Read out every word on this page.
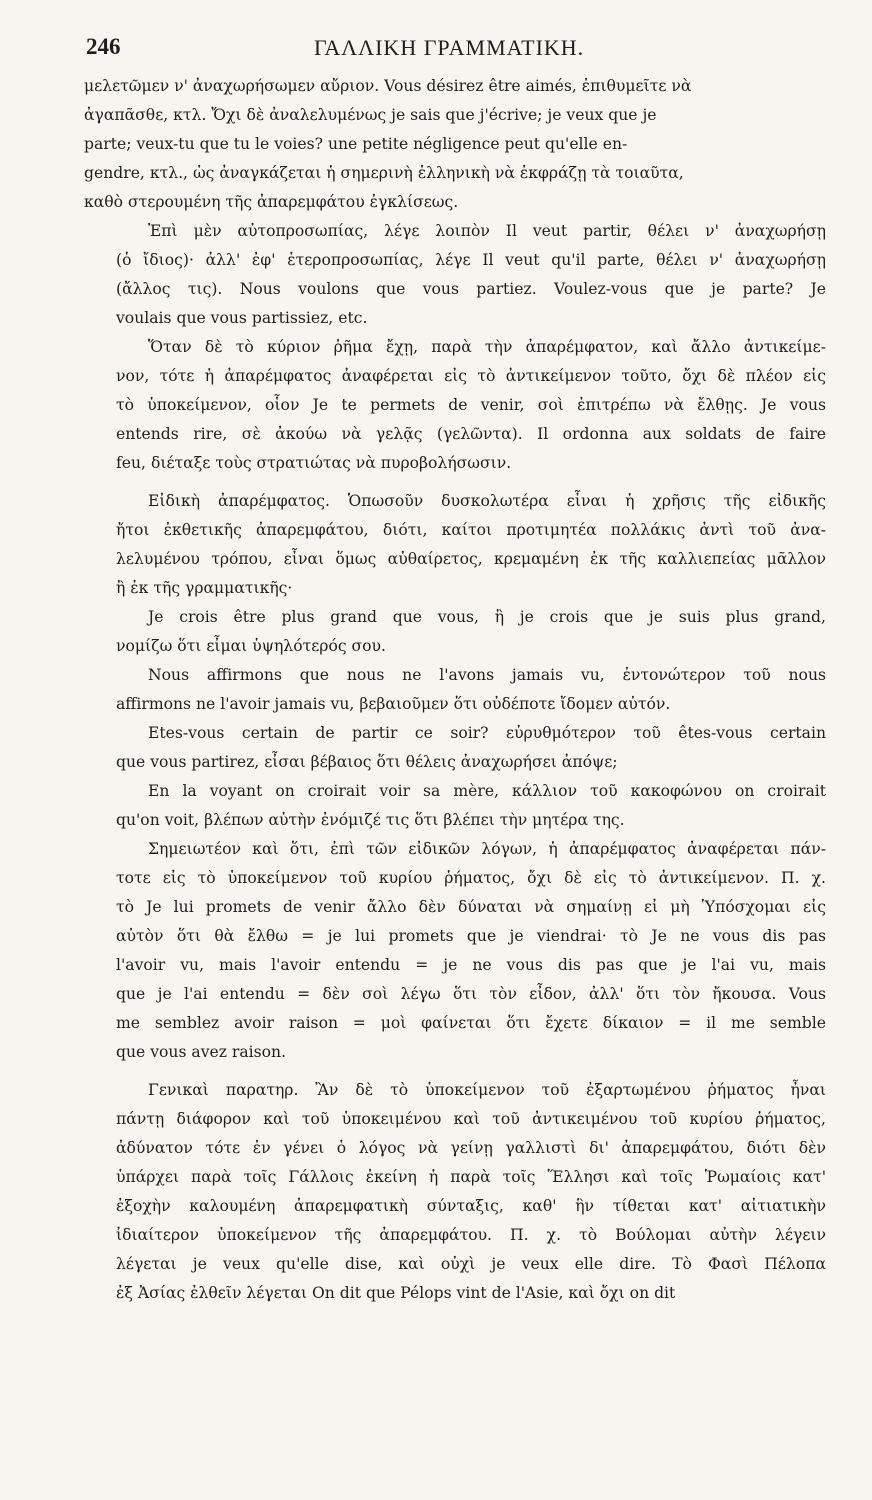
246	ΓΑΛΛΙΚΗ ΓΡΑΜΜΑΤΙΚΗ.

μελετῶμεν ν' ἀναχωρήσωμεν αὔριον. Vous désirez être aimés, ἐπιθυμεῖτε νὰ
ἀγαπᾶσθε, κτλ. Ὄχι δὲ ἀναλελυμένως je sais que j'écrive; je veux que je
parte; veux-tu que tu le voies? une petite négligence peut qu'elle en-
gendre, κτλ., ὡς ἀναγκάζεται ἡ σημερινὴ ἑλληνικὴ νὰ ἐκφράζῃ τὰ τοιαῦτα,
καθὸ στερουμένη τῆς ἀπαρεμφάτου ἐγκλίσεως.

Ἐπὶ μὲν αὐτοπροσωπίας, λέγε λοιπὸν Il veut partir, θέλει ν' ἀναχωρήσῃ
(ὁ ἴδιος)· ἀλλ' ἐφ' ἑτεροπροσωπίας, λέγε Il veut qu'il parte, θέλει ν' ἀναχωρήσῃ
(ἄλλος τις). Nous voulons que vous partiez. Voulez-vous que je parte? Je
voulais que vous partissiez, etc.

Ὅταν δὲ τὸ κύριον ῥῆμα ἔχῃ, παρὰ τὴν ἀπαρέμφατον, καὶ ἄλλο ἀντικείμε-
νον, τότε ἡ ἀπαρέμφατος ἀναφέρεται εἰς τὸ ἀντικείμενον τοῦτο, ὄχι δὲ πλέον εἰς
τὸ ὑποκείμενον, οἷον Je te permets de venir, σοὶ ἐπιτρέπω νὰ ἔλθῃς. Je vous
entends rire, σὲ ἀκούω νὰ γελᾷς (γελῶντα). Il ordonna aux soldats de faire
feu, διέταξε τοὺς στρατιώτας νὰ πυροβολήσωσιν.

Εἰδικὴ ἀπαρέμφατος. Ὁπωσοῦν δυσκολωτέρα εἶναι ἡ χρῆσις τῆς εἰδικῆς
ἤτοι ἐκθετικῆς ἀπαρεμφάτου, διότι, καίτοι προτιμητέα πολλάκις ἀντὶ τοῦ ἀνα-
λελυμένου τρόπου, εἶναι ὅμως αὐθαίρετος, κρεμαμένη ἐκ τῆς καλλιεπείας μᾶλλον
ἢ ἐκ τῆς γραμματικῆς·

Je crois être plus grand que vous, ἢ je crois que je suis plus grand,
νομίζω ὅτι εἶμαι ὑψηλότερός σου.

Nous affirmons que nous ne l'avons jamais vu, ἐντονώτερον τοῦ nous
affirmons ne l'avoir jamais vu, βεβαιοῦμεν ὅτι οὐδέποτε ἴδομεν αὐτόν.

Etes-vous certain de partir ce soir? εὐρυθμότερον τοῦ êtes-vous certain
que vous partirez, εἶσαι βέβαιος ὅτι θέλεις ἀναχωρήσει ἀπόψε;

En la voyant on croirait voir sa mère, κάλλιον τοῦ κακοφώνου on croirait
qu'on voit, βλέπων αὐτὴν ἐνόμιζέ τις ὅτι βλέπει τὴν μητέρα της.

Σημειωτέον καὶ ὅτι, ἐπὶ τῶν εἰδικῶν λόγων, ἡ ἀπαρέμφατος ἀναφέρεται πάν-
τοτε εἰς τὸ ὑποκείμενον τοῦ κυρίου ῥήματος, ὄχι δὲ εἰς τὸ ἀντικείμενον. Π. χ.
τὸ Je lui promets de venir ἄλλο δὲν δύναται νὰ σημαίνῃ εἰ μὴ Ὑπόσχομαι εἰς
αὐτὸν ὅτι θὰ ἔλθω = je lui promets que je viendrai· τὸ Je ne vous dis pas
l'avoir vu, mais l'avoir entendu = je ne vous dis pas que je l'ai vu, mais
que je l'ai entendu = δὲν σοὶ λέγω ὅτι τὸν εἶδον, ἀλλ' ὅτι τὸν ἤκουσα. Vous
me semblez avoir raison = μοὶ φαίνεται ὅτι ἔχετε δίκαιον = il me semble
que vous avez raison.

Γενικαὶ παρατηρ. Ἂν δὲ τὸ ὑποκείμενον τοῦ ἐξαρτωμένου ῥήματος ἦναι
πάντῃ διάφορον καὶ τοῦ ὑποκειμένου καὶ τοῦ ἀντικειμένου τοῦ κυρίου ῥήματος,
ἀδύνατον τότε ἐν γένει ὁ λόγος νὰ γείνῃ γαλλιστὶ δι' ἀπαρεμφάτου, διότι δὲν
ὑπάρχει παρὰ τοῖς Γάλλοις ἐκείνη ἡ παρὰ τοῖς Ἕλλησι καὶ τοῖς Ῥωμαίοις κατ'
ἐξοχὴν καλουμένη ἀπαρεμφατικὴ σύνταξις, καθ' ἣν τίθεται κατ' αἰτιατικὴν
ἰδιαίτερον ὑποκείμενον τῆς ἀπαρεμφάτου. Π. χ. τὸ Βούλομαι αὐτὴν λέγειν
λέγεται je veux qu'elle dise, καὶ οὐχὶ je veux elle dire. Τὸ Φασὶ Πέλοπα
ἐξ Ἀσίας ἐλθεῖν λέγεται On dit que Pélops vint de l'Asie, καὶ ὄχι on dit
